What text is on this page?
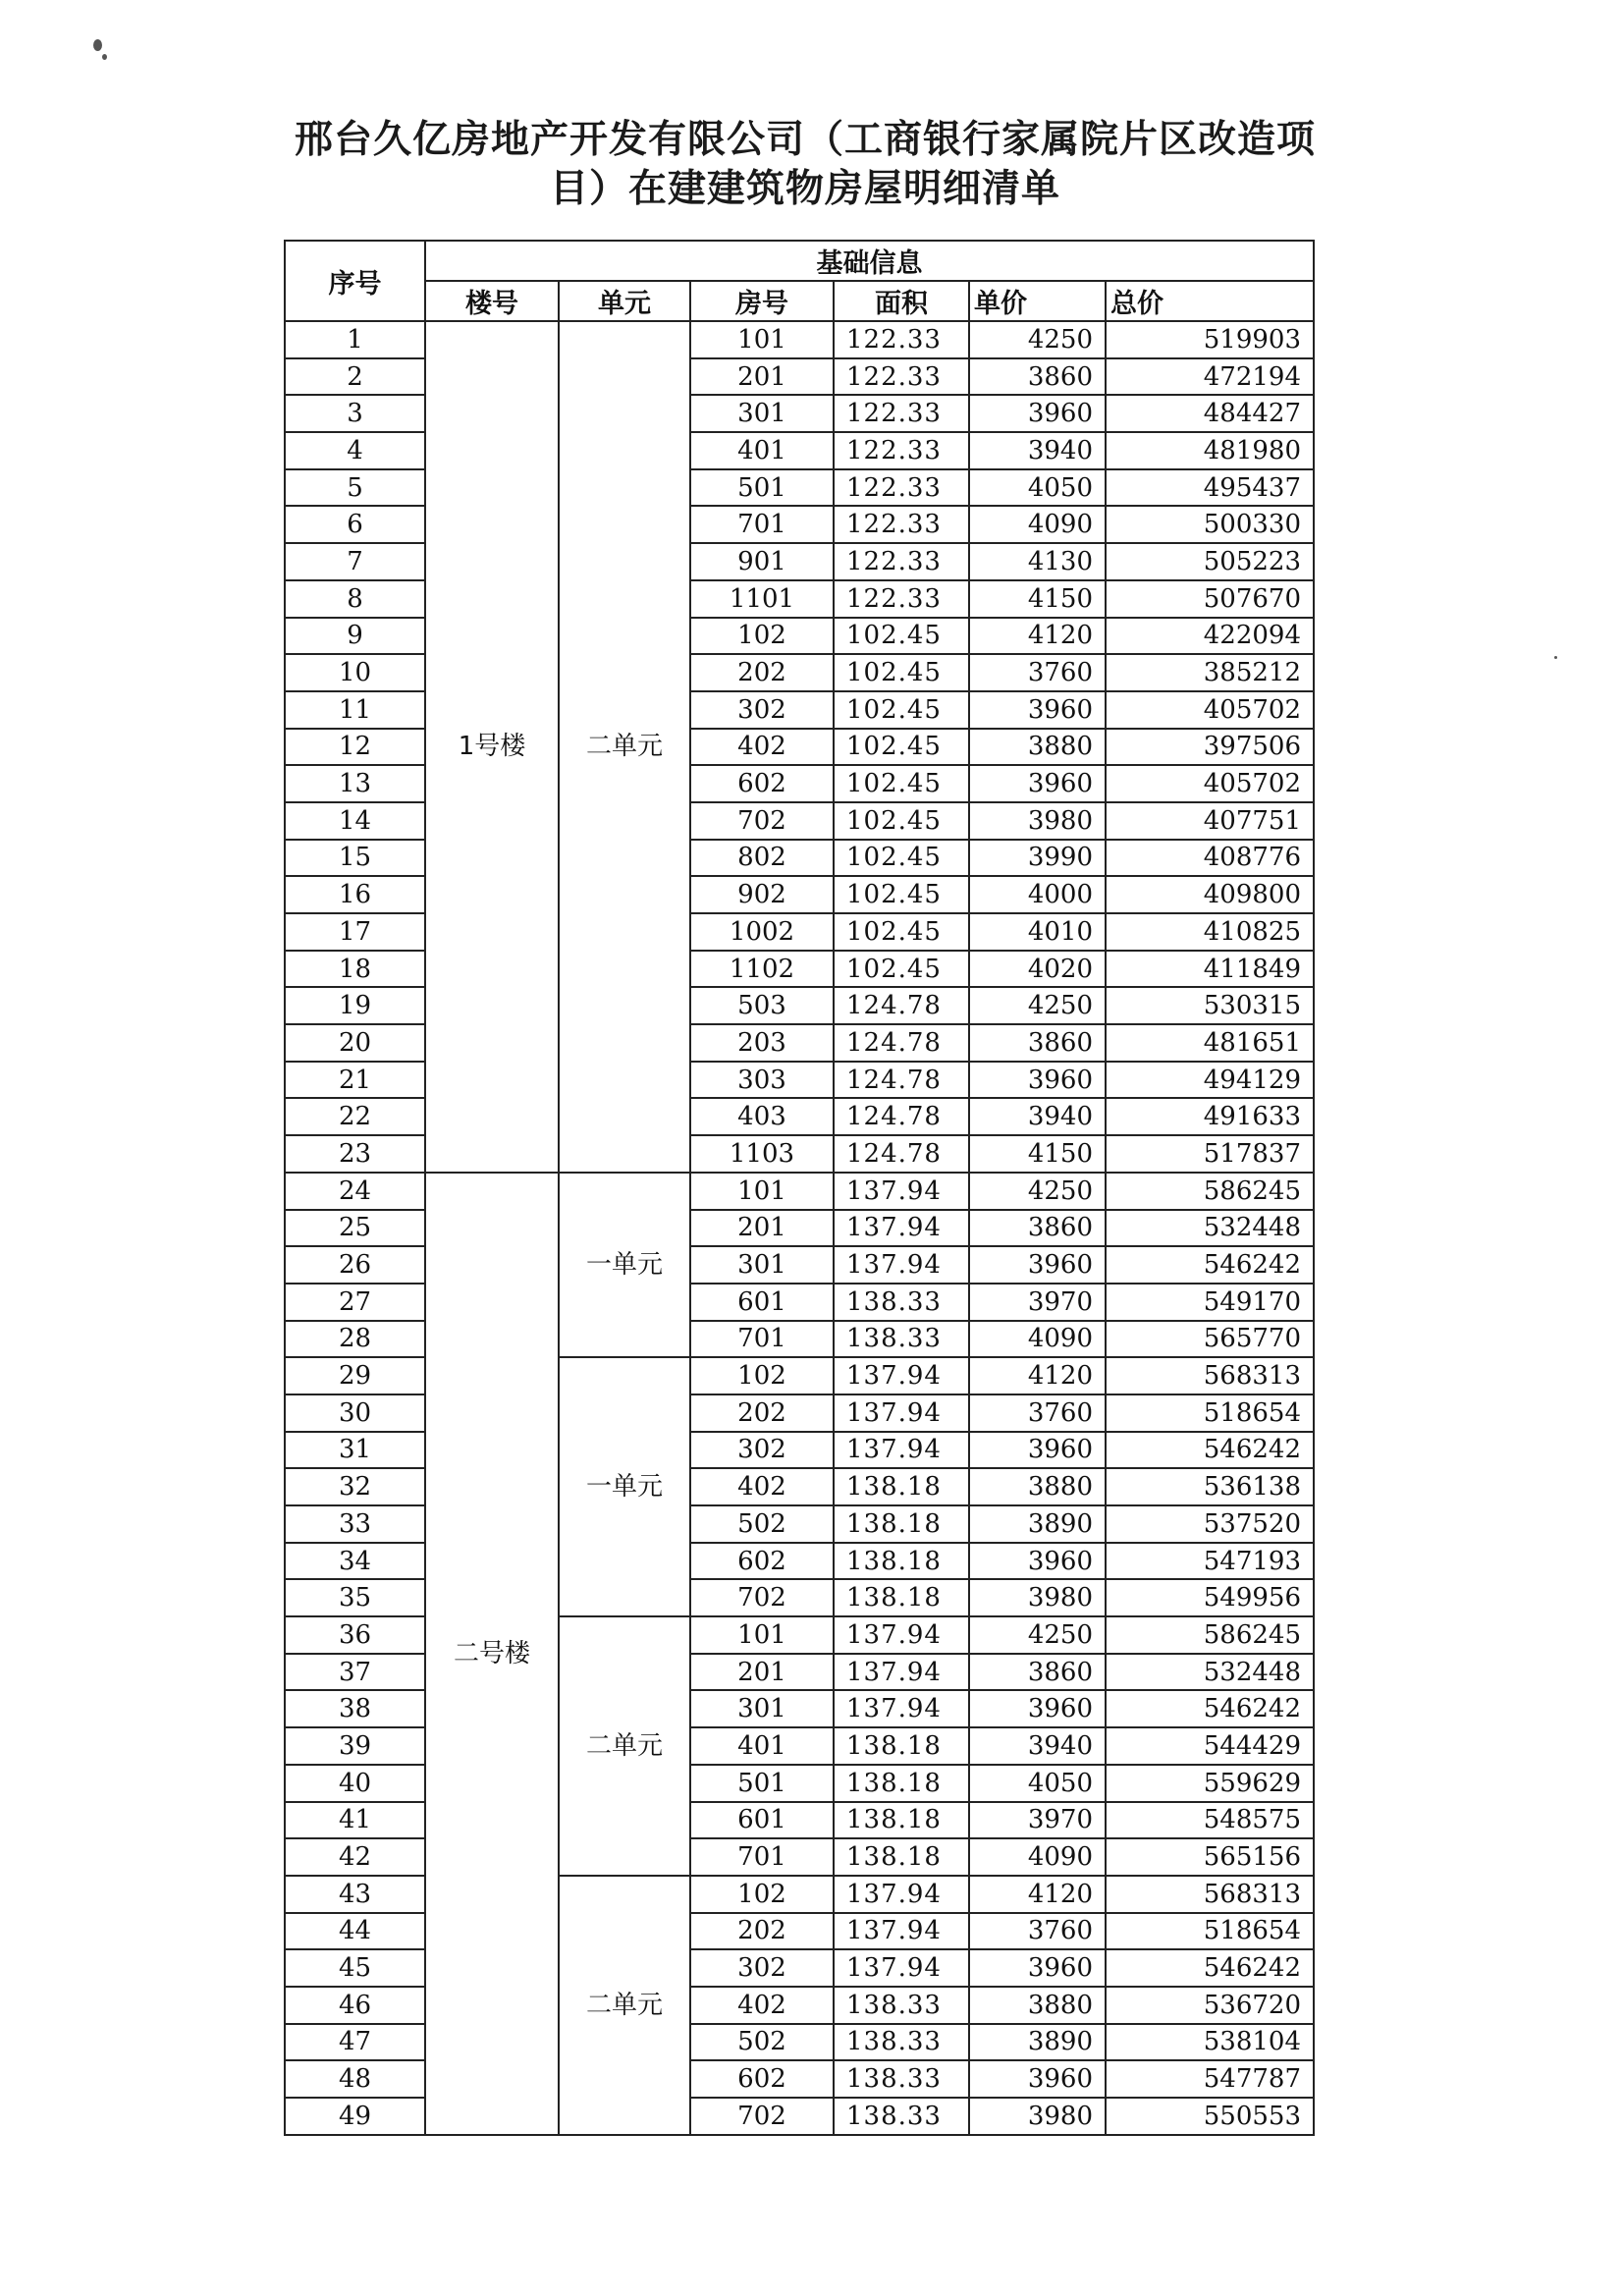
邢台久亿房地产开发有限公司（工商银行家属院片区改造项
目）在建建筑物房屋明细清单
序号	基础信息					
	楼号	单元	房号	面积	单价	总价
1	1号楼	二单元	101	122.33	4250	519903
2			201	122.33	3860	472194
3			301	122.33	3960	484427
4			401	122.33	3940	481980
5			501	122.33	4050	495437
6			701	122.33	4090	500330
7			901	122.33	4130	505223
8			1101	122.33	4150	507670
9			102	102.45	4120	422094
10			202	102.45	3760	385212
11			302	102.45	3960	405702
12			402	102.45	3880	397506
13			602	102.45	3960	405702
14			702	102.45	3980	407751
15			802	102.45	3990	408776
16			902	102.45	4000	409800
17			1002	102.45	4010	410825
18			1102	102.45	4020	411849
19			503	124.78	4250	530315
20			203	124.78	3860	481651
21			303	124.78	3960	494129
22			403	124.78	3940	491633
23			1103	124.78	4150	517837
24	二号楼	一单元	101	137.94	4250	586245
25			201	137.94	3860	532448
26			301	137.94	3960	546242
27			601	138.33	3970	549170
28			701	138.33	4090	565770
29		一单元	102	137.94	4120	568313
30			202	137.94	3760	518654
31			302	137.94	3960	546242
32			402	138.18	3880	536138
33			502	138.18	3890	537520
34			602	138.18	3960	547193
35			702	138.18	3980	549956
36		二单元	101	137.94	4250	586245
37			201	137.94	3860	532448
38			301	137.94	3960	546242
39			401	138.18	3940	544429
40			501	138.18	4050	559629
41			601	138.18	3970	548575
42			701	138.18	4090	565156
43		二单元	102	137.94	4120	568313
44			202	137.94	3760	518654
45			302	137.94	3960	546242
46			402	138.33	3880	536720
47			502	138.33	3890	538104
48			602	138.33	3960	547787
49			702	138.33	3980	550553
